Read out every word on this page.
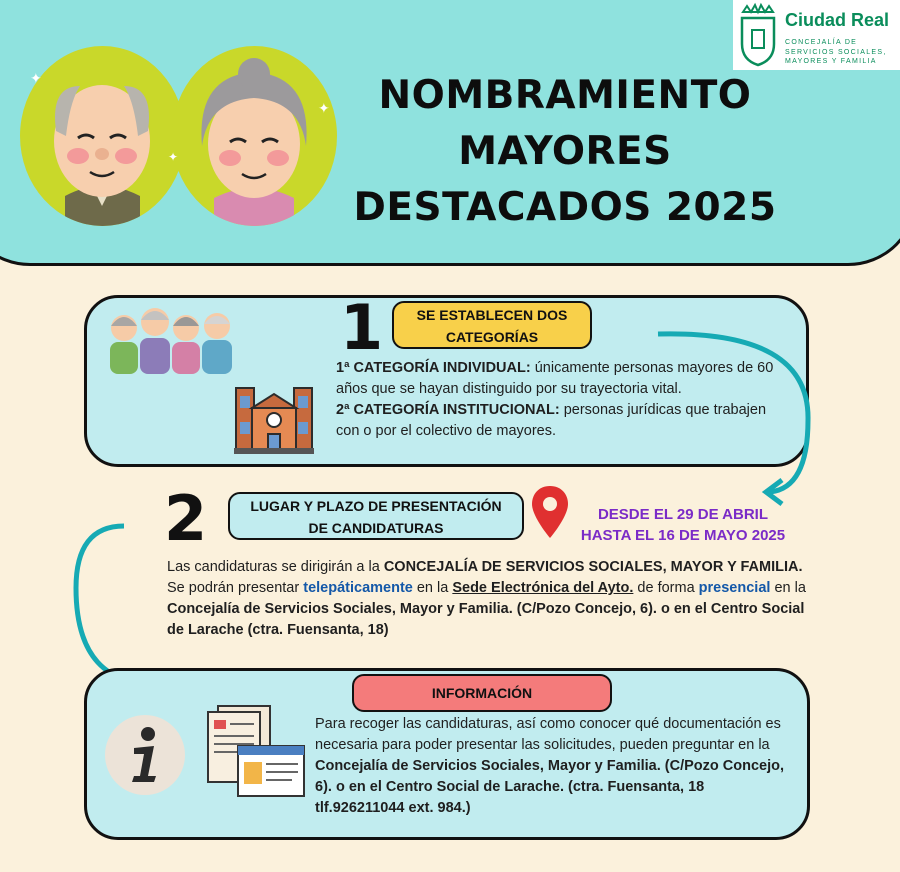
✦
✦
✦
NOMBRAMIENTO
MAYORES
DESTACADOS 2025
Ciudad Real
CONCEJALÍA DE
SERVICIOS SOCIALES,
MAYORES Y FAMILIA
1	SE ESTABLECEN DOS
CATEGORÍAS
1ª CATEGORÍA INDIVIDUAL: únicamente personas mayores de 60 años que se hayan distinguido por su trayectoria vital.
2ª CATEGORÍA INSTITUCIONAL: personas jurídicas que trabajen con o por el colectivo de mayores.
2	LUGAR Y PLAZO DE PRESENTACIÓN
DE CANDIDATURAS
DESDE EL 29 DE ABRIL
HASTA EL 16 DE MAYO 2025
Las candidaturas se dirigirán a la CONCEJALÍA DE SERVICIOS SOCIALES, MAYOR Y FAMILIA. Se podrán presentar telepáticamente en la Sede Electrónica del Ayto. de forma presencial en la Concejalía de Servicios Sociales, Mayor y Familia. (C/Pozo Concejo, 6). o en el Centro Social de Larache (ctra. Fuensanta, 18)
INFORMACIÓN
Para recoger las candidaturas, así como conocer qué documentación es necesaria para poder presentar las solicitudes, pueden preguntar en la Concejalía de Servicios Sociales, Mayor y Familia. (C/Pozo Concejo, 6). o en el Centro Social de Larache. (ctra. Fuensanta, 18 tlf.926211044 ext. 984.)
